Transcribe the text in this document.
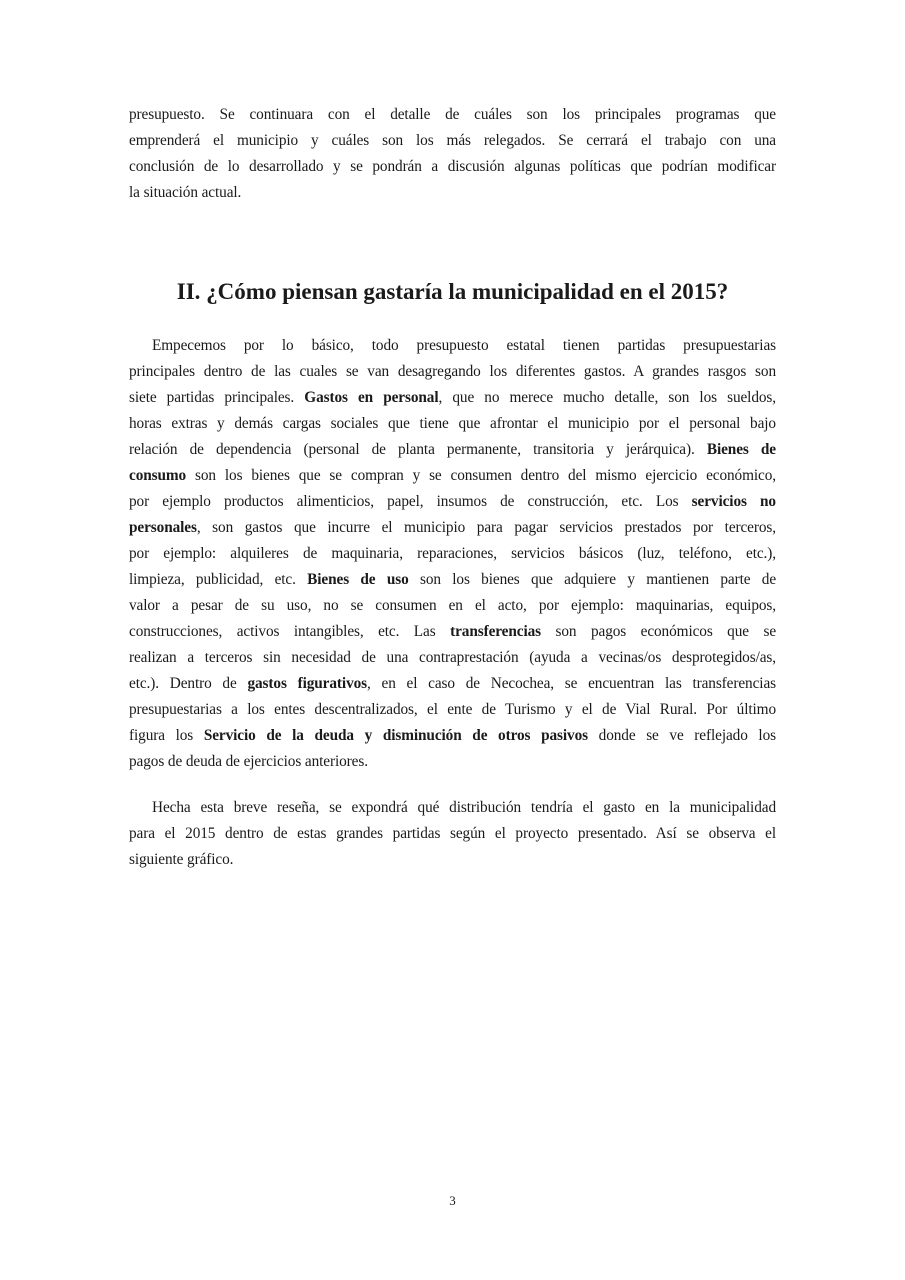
presupuesto. Se continuara con el detalle de cuáles son los principales programas que
emprenderá el municipio y cuáles son los más relegados. Se cerrará el trabajo con una
conclusión de lo desarrollado y se pondrán a discusión algunas políticas que podrían modificar
la situación actual.
II. ¿Cómo piensan gastaría la municipalidad en el 2015?
Empecemos por lo básico, todo presupuesto estatal tienen partidas presupuestarias
principales dentro de las cuales se van desagregando los diferentes gastos. A grandes rasgos son
siete partidas principales. Gastos en personal, que no merece mucho detalle, son los sueldos,
horas extras y demás cargas sociales que tiene que afrontar el municipio por el personal bajo
relación de dependencia (personal de planta permanente, transitoria y jerárquica). Bienes de
consumo son los bienes que se compran y se consumen dentro del mismo ejercicio económico,
por ejemplo productos alimenticios, papel, insumos de construcción, etc. Los servicios no
personales, son gastos que incurre el municipio para pagar servicios prestados por terceros,
por ejemplo: alquileres de maquinaria, reparaciones, servicios básicos (luz, teléfono, etc.),
limpieza, publicidad, etc. Bienes de uso son los bienes que adquiere y mantienen parte de
valor a pesar de su uso, no se consumen en el acto, por ejemplo: maquinarias, equipos,
construcciones, activos intangibles, etc. Las transferencias son pagos económicos que se
realizan a terceros sin necesidad de una contraprestación (ayuda a vecinas/os desprotegidos/as,
etc.). Dentro de gastos figurativos, en el caso de Necochea, se encuentran las transferencias
presupuestarias a los entes descentralizados, el ente de Turismo y el de Vial Rural. Por último
figura los Servicio de la deuda y disminución de otros pasivos donde se ve reflejado los
pagos de deuda de ejercicios anteriores.
Hecha esta breve reseña, se expondrá qué distribución tendría el gasto en la municipalidad
para el 2015 dentro de estas grandes partidas según el proyecto presentado. Así se observa el
siguiente gráfico.
3
